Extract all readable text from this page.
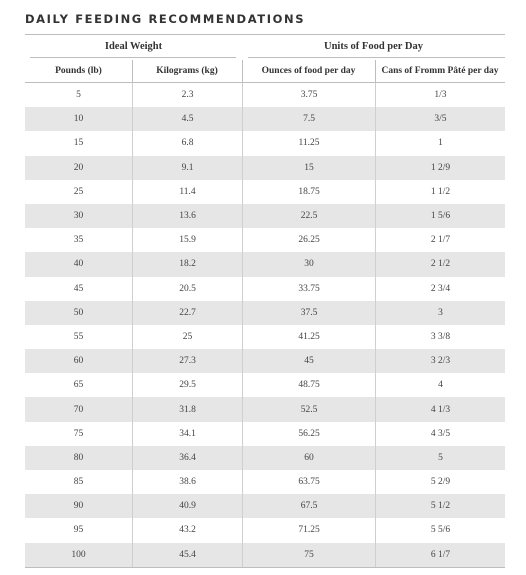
DAILY FEEDING RECOMMENDATIONS
Ideal Weight	Units of Food per Day
Pounds (lb)	Kilograms (kg)	Ounces of food per day	Cans of Fromm Pâté per day
5	2.3	3.75	1/3
10	4.5	7.5	3/5
15	6.8	11.25	1
20	9.1	15	1 2/9
25	11.4	18.75	1 1/2
30	13.6	22.5	1 5/6
35	15.9	26.25	2 1/7
40	18.2	30	2 1/2
45	20.5	33.75	2 3/4
50	22.7	37.5	3
55	25	41.25	3 3/8
60	27.3	45	3 2/3
65	29.5	48.75	4
70	31.8	52.5	4 1/3
75	34.1	56.25	4 3/5
80	36.4	60	5
85	38.6	63.75	5 2/9
90	40.9	67.5	5 1/2
95	43.2	71.25	5 5/6
100	45.4	75	6 1/7
